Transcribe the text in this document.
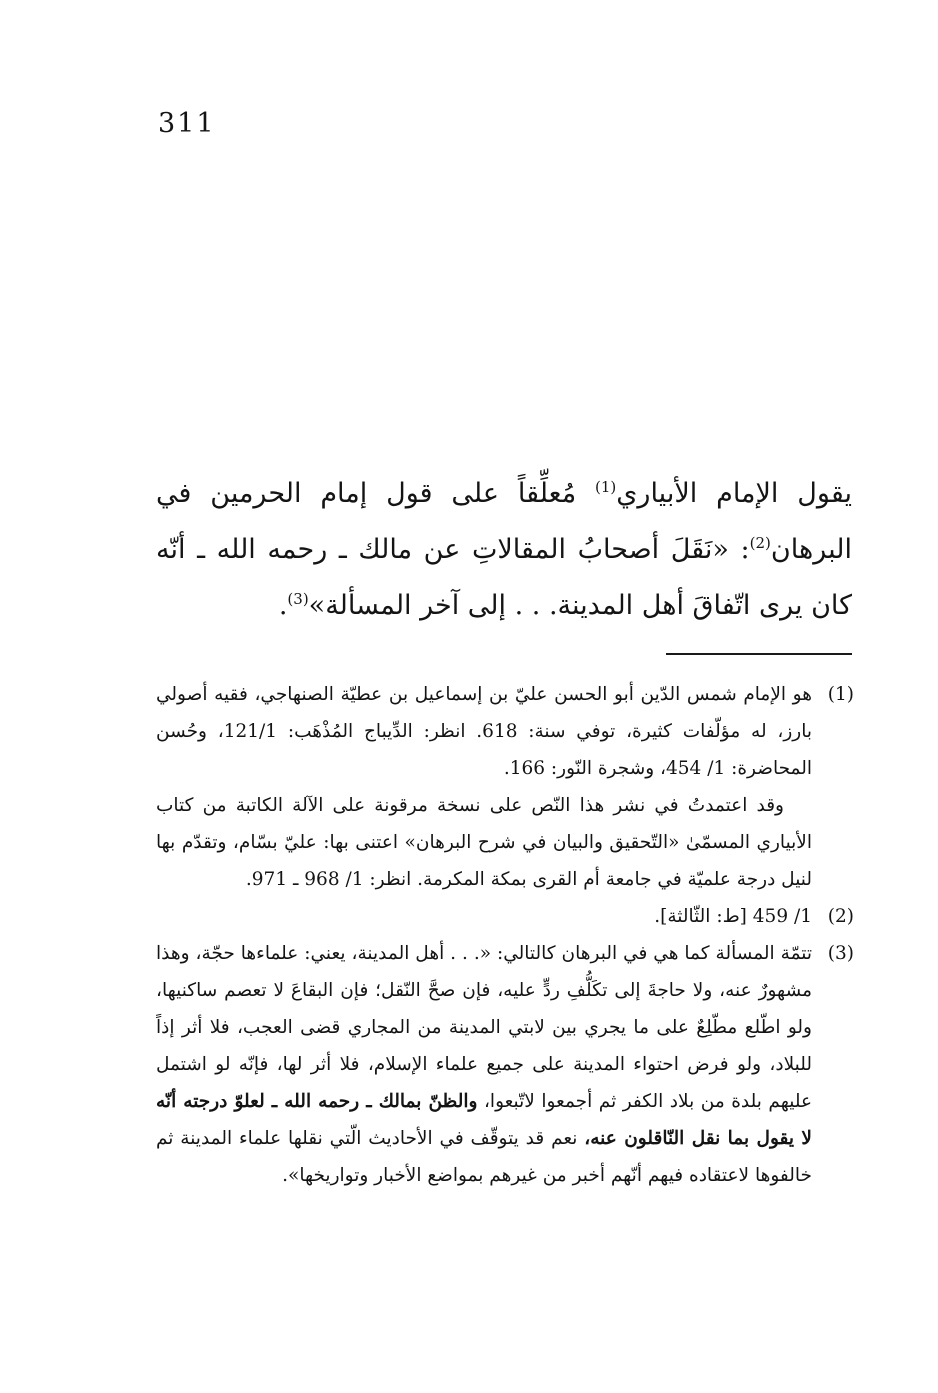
311

يقول الإمام الأبياري$^{(1)}$ مُعلِّقاً على قول إمام الحرمين في البرهان$^{(2)}$: «نَقَلَ أصحابُ المقالاتِ عن مالك ـ رحمه الله ـ أنّه كان يرى اتّفاقَ أهل المدينة. . . إلى آخر المسألة»$^{(3)}$.

(1)

هو الإمام شمس الدّين أبو الحسن عليّ بن إسماعيل بن عطيّة الصنهاجي، فقيه أصولي بارز، له مؤلّفات كثيرة، توفي سنة: 618. انظر: الدِّيباج المُذْهَب: 121/1، وحُسن المحاضرة: 1/ 454، وشجرة النّور: 166.

وقد اعتمدتُ في نشر هذا النّص على نسخة مرقونة على الآلة الكاتبة من كتاب الأبياري المسمّىٰ «التّحقيق والبيان في شرح البرهان» اعتنى بها: عليّ بسّام، وتقدّم بها لنيل درجة علميّة في جامعة أم القرى بمكة المكرمة. انظر: 1/ 968 ـ 971.

(2)

1/ 459 [ط: الثّالثة].

(3)

تتمّة المسألة كما هي في البرهان كالتالي: «. . . أهل المدينة، يعني: علماءها حجّة، وهذا مشهورٌ عنه، ولا حاجةَ إلى تكَلُّفِ ردٍّ عليه، فإن صحَّ النّقل؛ فإن البقاعَ لا تعصم ساكنيها، ولو اطّلع مطّلِعٌ على ما يجري بين لابتي المدينة من المجاري قضى العجب، فلا أثر إذاً للبلاد، ولو فرض احتواء المدينة على جميع علماء الإسلام، فلا أثر لها، فإنّه لو اشتمل عليهم بلدة من بلاد الكفر ثم أجمعوا لاتّبعوا، والظنّ بمالك ـ رحمه الله ـ لعلوّ درجته أنّه لا يقول بما نقل النّاقلون عنه، نعم قد يتوقّف في الأحاديث الّتي نقلها علماء المدينة ثم خالفوها لاعتقاده فيهم أنّهم أخبر من غيرهم بمواضع الأخبار وتواريخها».
